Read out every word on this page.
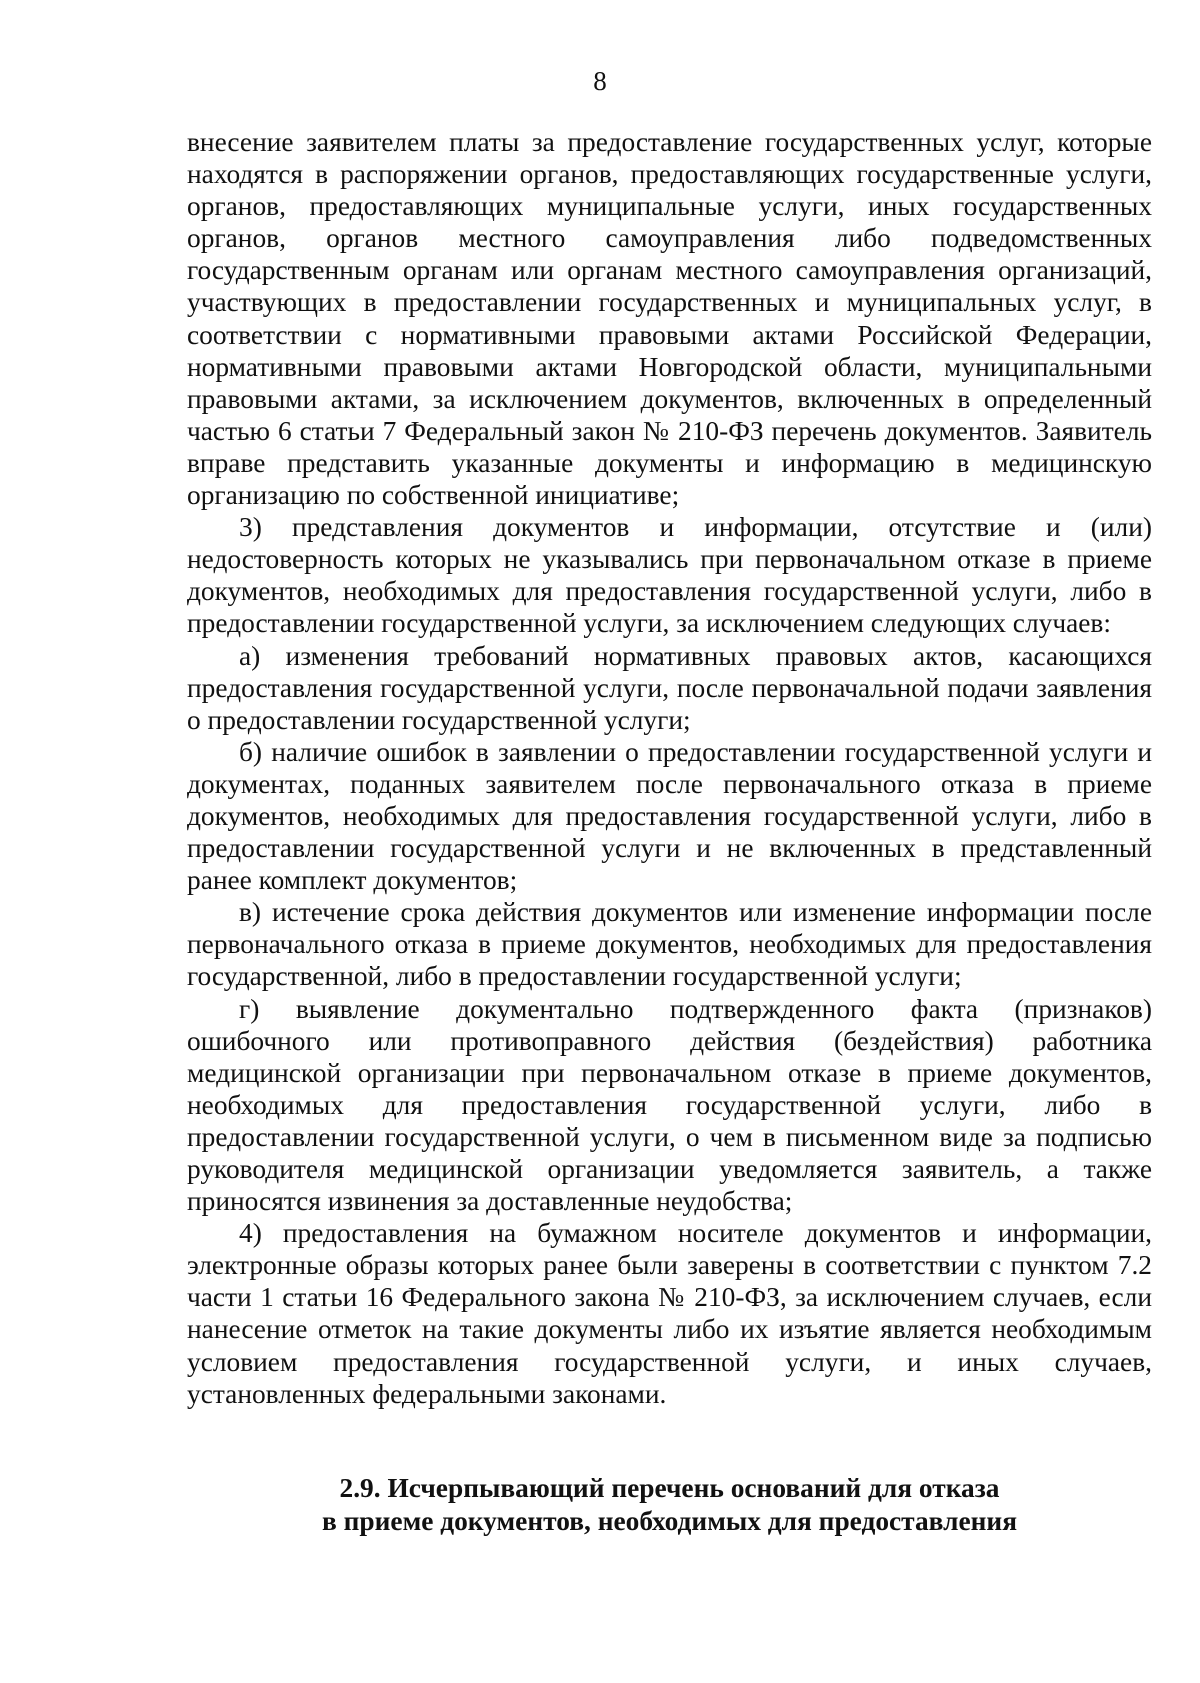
8

внесение заявителем платы за предоставление государственных услуг, которые находятся в распоряжении органов, предоставляющих государственные услуги, органов, предоставляющих муниципальные услуги, иных государственных органов, органов местного самоуправления либо подведомственных государственным органам или органам местного самоуправления организаций, участвующих в предоставлении государственных и муниципальных услуг, в соответствии с нормативными правовыми актами Российской Федерации, нормативными правовыми актами Новгородской области, муниципальными правовыми актами, за исключением документов, включенных в определенный частью 6 статьи 7 Федеральный закон № 210-ФЗ перечень документов. Заявитель вправе представить указанные документы и информацию в медицинскую организацию по собственной инициативе;

3) представления документов и информации, отсутствие и (или) недостоверность которых не указывались при первоначальном отказе в приеме документов, необходимых для предоставления государственной услуги, либо в предоставлении государственной услуги, за исключением следующих случаев:

а) изменения требований нормативных правовых актов, касающихся предоставления государственной услуги, после первоначальной подачи заявления о предоставлении государственной услуги;

б) наличие ошибок в заявлении о предоставлении государственной услуги и документах, поданных заявителем после первоначального отказа в приеме документов, необходимых для предоставления государственной услуги, либо в предоставлении государственной услуги и не включенных в представленный ранее комплект документов;

в) истечение срока действия документов или изменение информации после первоначального отказа в приеме документов, необходимых для предоставления государственной, либо в предоставлении государственной услуги;

г) выявление документально подтвержденного факта (признаков) ошибочного или противоправного действия (бездействия) работника медицинской организации при первоначальном отказе в приеме документов, необходимых для предоставления государственной услуги, либо в предоставлении государственной услуги, о чем в письменном виде за подписью руководителя медицинской организации уведомляется заявитель, а также приносятся извинения за доставленные неудобства;

4) предоставления на бумажном носителе документов и информации, электронные образы которых ранее были заверены в соответствии с пунктом 7.2 части 1 статьи 16 Федерального закона № 210-ФЗ, за исключением случаев, если нанесение отметок на такие документы либо их изъятие является необходимым условием предоставления государственной услуги, и иных случаев, установленных федеральными законами.

2.9. Исчерпывающий перечень оснований для отказа
в приеме документов, необходимых для предоставления
